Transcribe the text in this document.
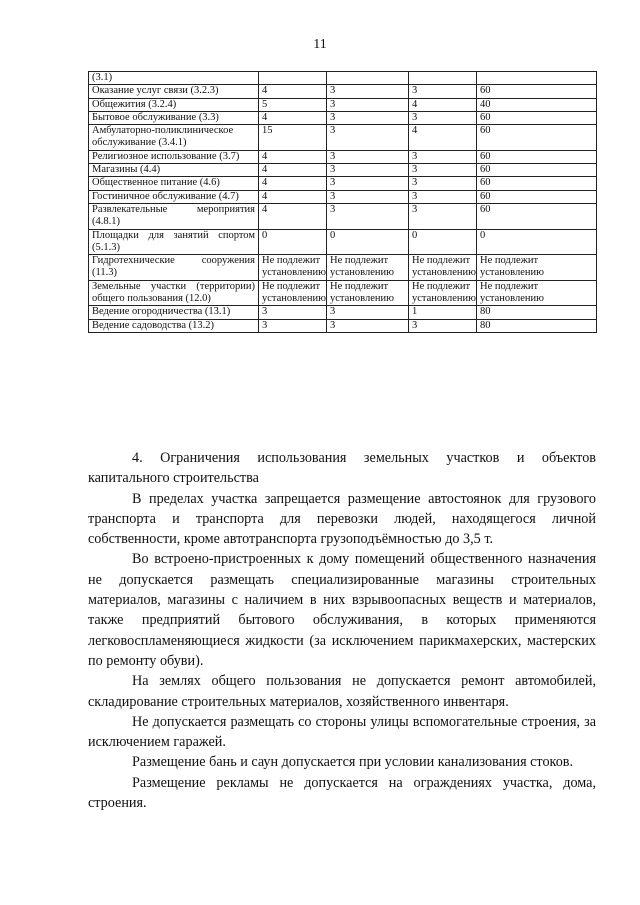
11
(3.1)				
Оказание услуг связи (3.2.3)	4	3	3	60
Общежития (3.2.4)	5	3	4	40
Бытовое обслуживание (3.3)	4	3	3	60
Амбулаторно-поликлиническое обслуживание (3.4.1)	15	3	4	60
Религиозное использование (3.7)	4	3	3	60
Магазины (4.4)	4	3	3	60
Общественное питание (4.6)	4	3	3	60
Гостиничное обслуживание (4.7)	4	3	3	60
Развлекательные мероприятия (4.8.1)	4	3	3	60
Площадки для занятий спортом (5.1.3)	0	0	0	0
Гидротехнические сооружения (11.3)	Не подлежит установлению	Не подлежит установлению	Не подлежит установлению	Не подлежит установлению
Земельные участки (территории) общего пользования (12.0)	Не подлежит установлению	Не подлежит установлению	Не подлежит установлению	Не подлежит установлению
Ведение огородничества (13.1)	3	3	1	80
Ведение садоводства (13.2)	3	3	3	80

4. Ограничения использования земельных участков и объектов капитального строительства

В пределах участка запрещается размещение автостоянок для грузового транспорта и транспорта для перевозки людей, находящегося личной собственности, кроме автотранспорта грузоподъёмностью до 3,5 т.

Во встроено-пристроенных к дому помещений общественного назначения не допускается размещать специализированные магазины строительных материалов, магазины с наличием в них взрывоопасных веществ и материалов, также предприятий бытового обслуживания, в которых применяются легковоспламеняющиеся жидкости (за исключением парикмахерских, мастерских по ремонту обуви).

На землях общего пользования не допускается ремонт автомобилей, складирование строительных материалов, хозяйственного инвентаря.

Не допускается размещать со стороны улицы вспомогательные строения, за исключением гаражей.

Размещение бань и саун допускается при условии канализования стоков.

Размещение рекламы не допускается на ограждениях участка, дома, строения.
